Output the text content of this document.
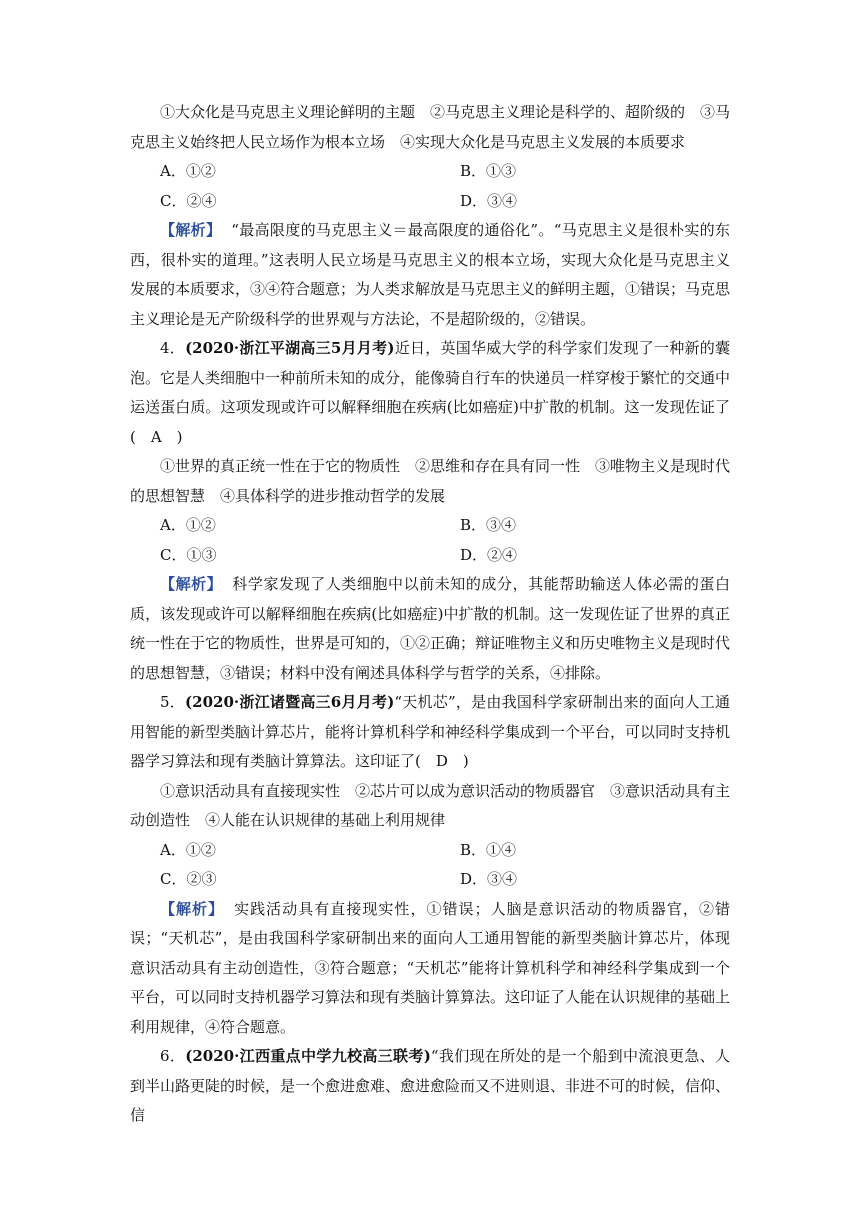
①大众化是马克思主义理论鲜明的主题　②马克思主义理论是科学的、超阶级的　③马克思主义始终把人民立场作为根本立场　④实现大众化是马克思主义发展的本质要求

A．①②	B．①③
C．②④	D．③④

【解析】 “最高限度的马克思主义＝最高限度的通俗化”。“马克思主义是很朴实的东西，很朴实的道理。”这表明人民立场是马克思主义的根本立场，实现大众化是马克思主义发展的本质要求，③④符合题意；为人类求解放是马克思主义的鲜明主题，①错误；马克思主义理论是无产阶级科学的世界观与方法论，不是超阶级的，②错误。

4．(2020·浙江平湖高三5月月考)近日，英国华威大学的科学家们发现了一种新的囊泡。它是人类细胞中一种前所未知的成分，能像骑自行车的快递员一样穿梭于繁忙的交通中运送蛋白质。这项发现或许可以解释细胞在疾病(比如癌症)中扩散的机制。这一发现佐证了(　A　)

①世界的真正统一性在于它的物质性　②思维和存在具有同一性　③唯物主义是现时代的思想智慧　④具体科学的进步推动哲学的发展

A．①②	B．③④
C．①③	D．②④

【解析】 科学家发现了人类细胞中以前未知的成分，其能帮助输送人体必需的蛋白质，该发现或许可以解释细胞在疾病(比如癌症)中扩散的机制。这一发现佐证了世界的真正统一性在于它的物质性，世界是可知的，①②正确；辩证唯物主义和历史唯物主义是现时代的思想智慧，③错误；材料中没有阐述具体科学与哲学的关系，④排除。

5．(2020·浙江诸暨高三6月月考)“天机芯”，是由我国科学家研制出来的面向人工通用智能的新型类脑计算芯片，能将计算机科学和神经科学集成到一个平台，可以同时支持机器学习算法和现有类脑计算算法。这印证了(　D　)

①意识活动具有直接现实性　②芯片可以成为意识活动的物质器官　③意识活动具有主动创造性　④人能在认识规律的基础上利用规律

A．①②	B．①④
C．②③	D．③④

【解析】 实践活动具有直接现实性，①错误；人脑是意识活动的物质器官，②错误；“天机芯”，是由我国科学家研制出来的面向人工通用智能的新型类脑计算芯片，体现意识活动具有主动创造性，③符合题意；“天机芯”能将计算机科学和神经科学集成到一个平台，可以同时支持机器学习算法和现有类脑计算算法。这印证了人能在认识规律的基础上利用规律，④符合题意。

6．(2020·江西重点中学九校高三联考)“我们现在所处的是一个船到中流浪更急、人到半山路更陡的时候，是一个愈进愈难、愈进愈险而又不进则退、非进不可的时候，信仰、信
